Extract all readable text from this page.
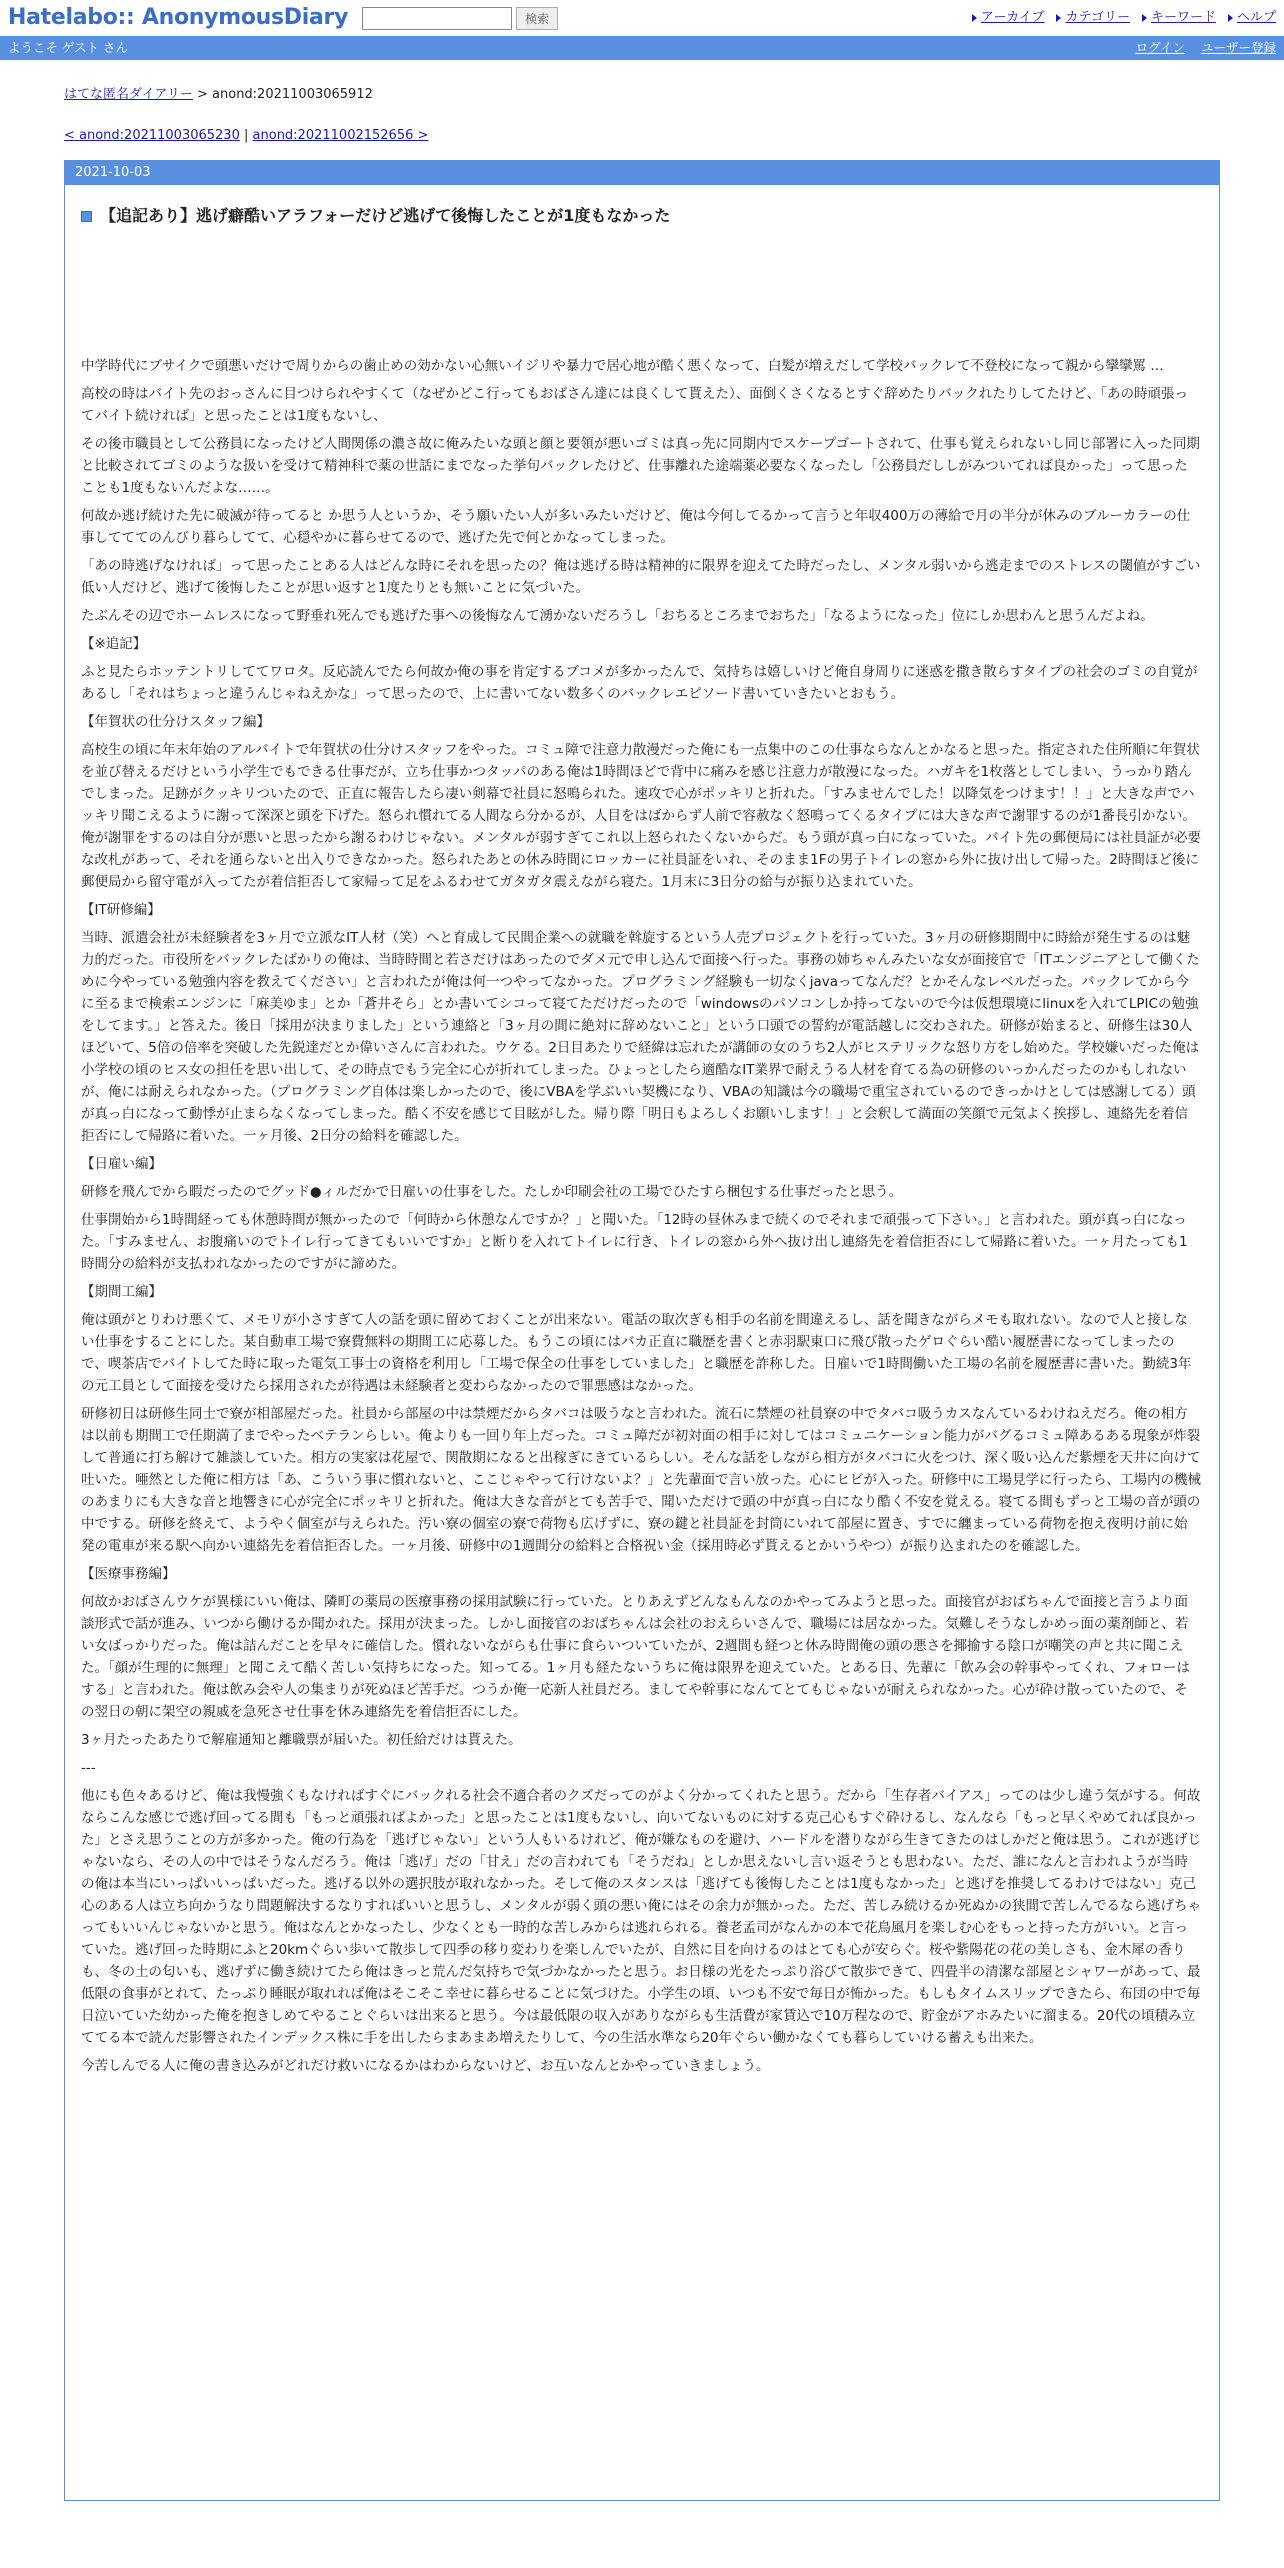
Hatelabo:: AnonymousDiary	検索	アーカイブ カテゴリー キーワード ヘルプ
ようこそ ゲスト さん	ログイン ユーザー登録
はてな匿名ダイアリー > anond:20211003065912
< anond:20211003065230 | anond:20211002152656 >
2021-10-03
【追記あり】逃げ癖酷いアラフォーだけど逃げて後悔したことが1度もなかった

中学時代にブサイクで頭悪いだけで周りからの歯止めの効かない心無いイジリや暴力で居心地が酷く悪くなって、白髪が増えだして学校バックレて不登校になって親から攣攣罵 …

高校の時はバイト先のおっさんに目つけられやすくて（なぜかどこ行ってもおばさん達には良くして貰えた）、面倒くさくなるとすぐ辞めたりバックれたりしてたけど、「あの時頑張ってバイト続ければ」と思ったことは1度もないし、

その後市職員として公務員になったけど人間関係の濃さ故に俺みたいな頭と顔と要領が悪いゴミは真っ先に同期内でスケープゴートされて、仕事も覚えられないし同じ部署に入った同期と比較されてゴミのような扱いを受けて精神科で薬の世話にまでなった挙句バックレたけど、仕事離れた途端薬必要なくなったし「公務員だししがみついてれば良かった」って思ったことも1度もないんだよな……。

何故か逃げ続けた先に破滅が待ってると か思う人というか、そう願いたい人が多いみたいだけど、俺は今何してるかって言うと年収400万の薄給で月の半分が休みのブルーカラーの仕事してててのんびり暮らしてて、心穏やかに暮らせてるので、逃げた先で何とかなってしまった。

「あの時逃げなければ」って思ったことある人はどんな時にそれを思ったの？俺は逃げる時は精神的に限界を迎えてた時だったし、メンタル弱いから逃走までのストレスの閾値がすごい低い人だけど、逃げて後悔したことが思い返すと1度たりとも無いことに気づいた。

たぶんその辺でホームレスになって野垂れ死んでも逃げた事への後悔なんて湧かないだろうし「おちるところまでおちた」「なるようになった」位にしか思わんと思うんだよね。

【※追記】

ふと見たらホッテントリしててワロタ。反応読んでたら何故か俺の事を肯定するブコメが多かったんで、気持ちは嬉しいけど俺自身周りに迷惑を撒き散らすタイプの社会のゴミの自覚があるし「それはちょっと違うんじゃねえかな」って思ったので、上に書いてない数多くのバックレエピソード書いていきたいとおもう。

【年賀状の仕分けスタッフ編】

高校生の頃に年末年始のアルバイトで年賀状の仕分けスタッフをやった。コミュ障で注意力散漫だった俺にも一点集中のこの仕事ならなんとかなると思った。指定された住所順に年賀状を並び替えるだけという小学生でもできる仕事だが、立ち仕事かつタッパのある俺は1時間ほどで背中に痛みを感じ注意力が散漫になった。ハガキを1枚落としてしまい、うっかり踏んでしまった。足跡がクッキリついたので、正直に報告したら凄い剣幕で社員に怒鳴られた。速攻で心がポッキリと折れた。「すみませんでした！以降気をつけます！！」と大きな声でハッキリ聞こえるように謝って深深と頭を下げた。怒られ慣れてる人間なら分かるが、人目をはばからず人前で容赦なく怒鳴ってくるタイプには大きな声で謝罪するのが1番長引かない。俺が謝罪をするのは自分が悪いと思ったから謝るわけじゃない。メンタルが弱すぎてこれ以上怒られたくないからだ。もう頭が真っ白になっていた。バイト先の郵便局には社員証が必要な改札があって、それを通らないと出入りできなかった。怒られたあとの休み時間にロッカーに社員証をいれ、そのまま1Fの男子トイレの窓から外に抜け出して帰った。2時間ほど後に郵便局から留守電が入ってたが着信拒否して家帰って足をふるわせてガタガタ震えながら寝た。1月末に3日分の給与が振り込まれていた。

【IT研修編】

当時、派遣会社が未経験者を3ヶ月で立派なIT人材（笑）へと育成して民間企業への就職を斡旋するという人売プロジェクトを行っていた。3ヶ月の研修期間中に時給が発生するのは魅力的だった。市役所をバックレたばかりの俺は、当時時間と若さだけはあったのでダメ元で申し込んで面接へ行った。事務の姉ちゃんみたいな女が面接官で「ITエンジニアとして働くために今やっている勉強内容を教えてください」と言われたが俺は何一つやってなかった。プログラミング経験も一切なくjavaってなんだ？とかそんなレベルだった。バックレてから今に至るまで検索エンジンに「麻美ゆま」とか「蒼井そら」とか書いてシコって寝てただけだったので「windowsのパソコンしか持ってないので今は仮想環境にlinuxを入れてLPICの勉強をしてます。」と答えた。後日「採用が決まりました」という連絡と「3ヶ月の間に絶対に辞めないこと」という口頭での誓約が電話越しに交わされた。研修が始まると、研修生は30人ほどいて、5倍の倍率を突破した先鋭達だとか偉いさんに言われた。ウケる。2日目あたりで経緯は忘れたが講師の女のうち2人がヒステリックな怒り方をし始めた。学校嫌いだった俺は小学校の頃のヒス女の担任を思い出して、その時点でもう完全に心が折れてしまった。ひょっとしたら適酷なIT業界で耐えうる人材を育てる為の研修のいっかんだったのかもしれないが、俺には耐えられなかった。（プログラミング自体は楽しかったので、後にVBAを学ぶいい契機になり、VBAの知識は今の職場で重宝されているのできっかけとしては感謝してる）頭が真っ白になって動悸が止まらなくなってしまった。酷く不安を感じて目眩がした。帰り際「明日もよろしくお願いします！」と会釈して満面の笑顔で元気よく挨拶し、連絡先を着信拒否にして帰路に着いた。一ヶ月後、2日分の給料を確認した。

【日雇い編】

研修を飛んでから暇だったのでグッド●ィルだかで日雇いの仕事をした。たしか印刷会社の工場でひたすら梱包する仕事だったと思う。

仕事開始から1時間経っても休憩時間が無かったので「何時から休憩なんですか？」と聞いた。「12時の昼休みまで続くのでそれまで頑張って下さい。」と言われた。頭が真っ白になった。「すみません、お腹痛いのでトイレ行ってきてもいいですか」と断りを入れてトイレに行き、トイレの窓から外へ抜け出し連絡先を着信拒否にして帰路に着いた。一ヶ月たっても1時間分の給料が支払われなかったのですがに諦めた。

【期間工編】

俺は頭がとりわけ悪くて、メモリが小さすぎて人の話を頭に留めておくことが出来ない。電話の取次ぎも相手の名前を間違えるし、話を聞きながらメモも取れない。なので人と接しない仕事をすることにした。某自動車工場で寮費無料の期間工に応募した。もうこの頃にはバカ正直に職歴を書くと赤羽駅東口に飛び散ったゲロぐらい酷い履歴書になってしまったので、喫茶店でバイトしてた時に取った電気工事士の資格を利用し「工場で保全の仕事をしていました」と職歴を詐称した。日雇いで1時間働いた工場の名前を履歴書に書いた。勤続3年の元工員として面接を受けたら採用されたが待遇は未経験者と変わらなかったので罪悪感はなかった。

研修初日は研修生同士で寮が相部屋だった。社員から部屋の中は禁煙だからタバコは吸うなと言われた。流石に禁煙の社員寮の中でタバコ吸うカスなんているわけねえだろ。俺の相方は以前も期間工で任期満了までやったベテランらしい。俺よりも一回り年上だった。コミュ障だが初対面の相手に対してはコミュニケーション能力がバグるコミュ障あるある現象が炸裂して普通に打ち解けて雑談していた。相方の実家は花屋で、関散期になると出稼ぎにきているらしい。そんな話をしながら相方がタバコに火をつけ、深く吸い込んだ紫煙を天井に向けて吐いた。唖然とした俺に相方は「あ、こういう事に慣れないと、ここじゃやって行けないよ？」と先輩面で言い放った。心にヒビが入った。研修中に工場見学に行ったら、工場内の機械のあまりにも大きな音と地響きに心が完全にポッキリと折れた。俺は大きな音がとても苦手で、聞いただけで頭の中が真っ白になり酷く不安を覚える。寝てる間もずっと工場の音が頭の中でする。研修を終えて、ようやく個室が与えられた。汚い寮の個室の寮で荷物も広げずに、寮の鍵と社員証を封筒にいれて部屋に置き、すでに纏まっている荷物を抱え夜明け前に始発の電車が来る駅へ向かい連絡先を着信拒否した。一ヶ月後、研修中の1週間分の給料と合格祝い金（採用時必ず貰えるとかいうやつ）が振り込まれたのを確認した。

【医療事務編】

何故かおばさんウケが異様にいい俺は、隣町の薬局の医療事務の採用試験に行っていた。とりあえずどんなもんなのかやってみようと思った。面接官がおばちゃんで面接と言うより面談形式で話が進み、いつから働けるか聞かれた。採用が決まった。しかし面接官のおばちゃんは会社のおえらいさんで、職場には居なかった。気難しそうなしかめっ面の薬剤師と、若い女ばっかりだった。俺は詰んだことを早々に確信した。慣れないながらも仕事に食らいついていたが、2週間も経つと休み時間俺の頭の悪さを揶揄する陰口が嘲笑の声と共に聞こえた。「顔が生理的に無理」と聞こえて酷く苦しい気持ちになった。知ってる。1ヶ月も経たないうちに俺は限界を迎えていた。とある日、先輩に「飲み会の幹事やってくれ、フォローはする」と言われた。俺は飲み会や人の集まりが死ぬほど苦手だ。つうか俺一応新人社員だろ。ましてや幹事になんてとてもじゃないが耐えられなかった。心が砕け散っていたので、その翌日の朝に架空の親戚を急死させ仕事を休み連絡先を着信拒否にした。

3ヶ月たったあたりで解雇通知と離職票が届いた。初任給だけは貰えた。

---

他にも色々あるけど、俺は我慢強くもなければすぐにバックれる社会不適合者のクズだってのがよく分かってくれたと思う。だから「生存者バイアス」ってのは少し違う気がする。何故ならこんな感じで逃げ回ってる間も「もっと頑張ればよかった」と思ったことは1度もないし、向いてないものに対する克己心もすぐ砕けるし、なんなら「もっと早くやめてれば良かった」とさえ思うことの方が多かった。俺の行為を「逃げじゃない」という人もいるけれど、俺が嫌なものを避け、ハードルを潜りながら生きてきたのはしかだと俺は思う。これが逃げじゃないなら、その人の中ではそうなんだろう。俺は「逃げ」だの「甘え」だの言われても「そうだね」としか思えないし言い返そうとも思わない。ただ、誰になんと言われようが当時の俺は本当にいっぱいいっぱいだった。逃げる以外の選択肢が取れなかった。そして俺のスタンスは「逃げても後悔したことは1度もなかった」と逃げを推奨してるわけではない」克己心のある人は立ち向かうなり問題解決するなりすればいいと思うし、メンタルが弱く頭の悪い俺にはその余力が無かった。ただ、苦しみ続けるか死ぬかの狭間で苦しんでるなら逃げちゃってもいいんじゃないかと思う。俺はなんとかなったし、少なくとも一時的な苦しみからは逃れられる。養老孟司がなんかの本で花鳥風月を楽しむ心をもっと持った方がいい。と言っていた。逃げ回った時期にふと20kmぐらい歩いて散歩して四季の移り変わりを楽しんでいたが、自然に目を向けるのはとても心が安らぐ。桜や紫陽花の花の美しさも、金木犀の香りも、冬の土の匂いも、逃げずに働き続けてたら俺はきっと荒んだ気持ちで気づかなかったと思う。お日様の光をたっぷり浴びて散歩できて、四畳半の清潔な部屋とシャワーがあって、最低限の食事がとれて、たっぷり睡眠が取れれば俺はそこそこ幸せに暮らせることに気づけた。小学生の頃、いつも不安で毎日が怖かった。もしもタイムスリップできたら、布団の中で毎日泣いていた幼かった俺を抱きしめてやることぐらいは出来ると思う。今は最低限の収入がありながらも生活費が家賃込で10万程なので、貯金がアホみたいに溜まる。20代の頃積み立ててる本で読んだ影響されたインデックス株に手を出したらまあまあ増えたりして、今の生活水準なら20年ぐらい働かなくても暮らしていける蓄えも出来た。

今苦しんでる人に俺の書き込みがどれだけ救いになるかはわからないけど、お互いなんとかやっていきましょう。
